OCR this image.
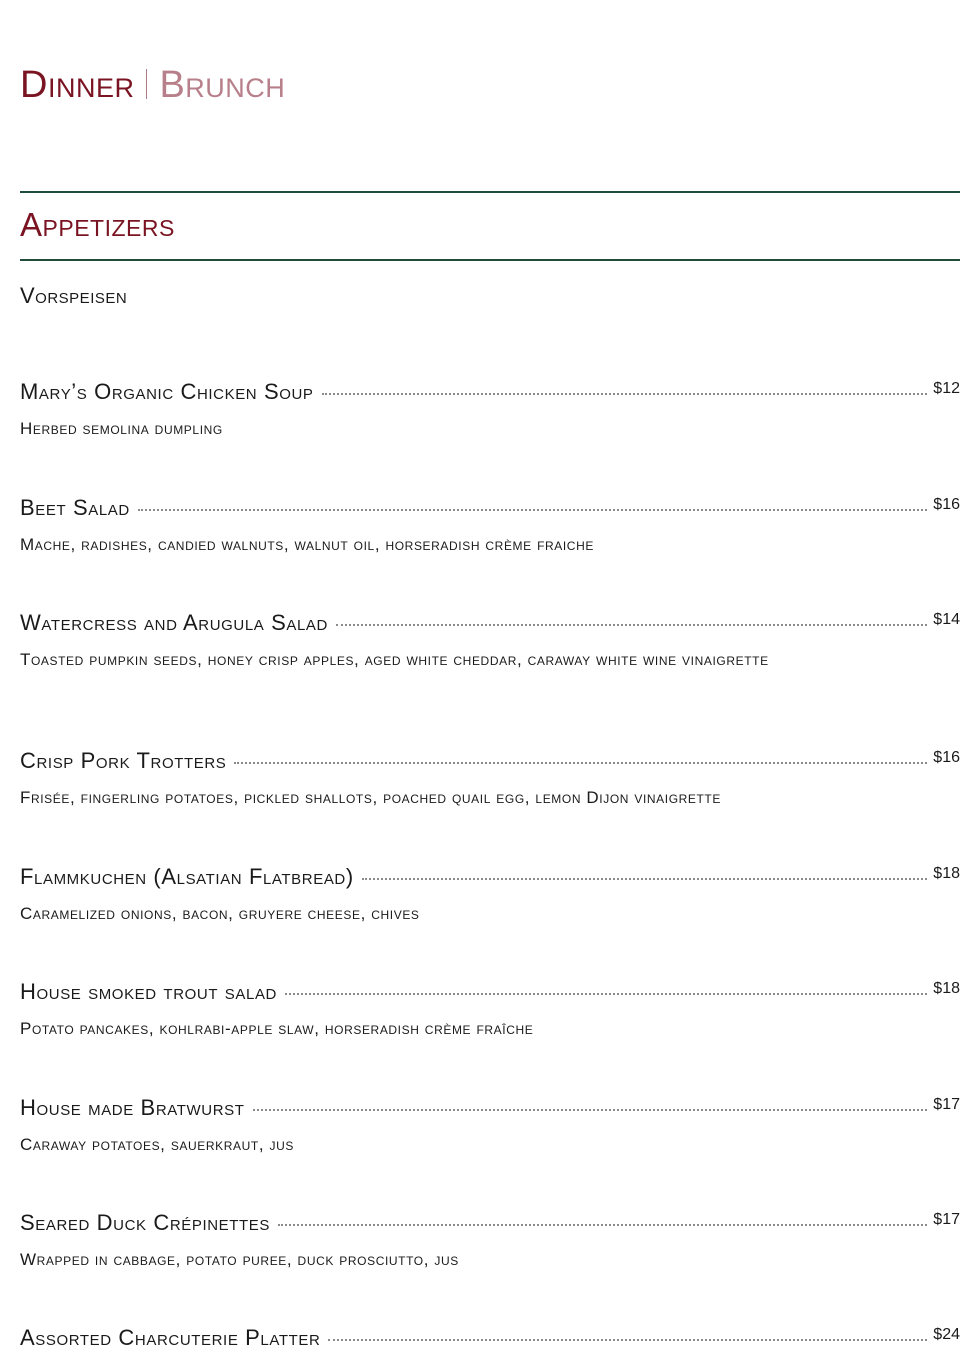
Dinner Brunch
Appetizers
Vorspeisen
Mary’s Organic Chicken Soup	$12
Herbed semolina dumpling
Beet Salad	$16
Mache, radishes, candied walnuts, walnut oil, horseradish crème fraiche
Watercress and Arugula Salad	$14
Toasted pumpkin seeds, honey crisp apples, aged white cheddar, caraway white wine vinaigrette
Crisp Pork Trotters	$16
Frisée, fingerling potatoes, pickled shallots, poached quail egg, lemon Dijon vinaigrette
Flammkuchen (Alsatian Flatbread)	$18
Caramelized onions, bacon, gruyere cheese, chives
House smoked trout salad	$18
Potato pancakes, kohlrabi-apple slaw, horseradish crème fraîche
House made Bratwurst	$17
Caraway potatoes, sauerkraut, jus
Seared Duck Crépinettes	$17
Wrapped in cabbage, potato puree, duck prosciutto, jus
Assorted Charcuterie Platter	$24
